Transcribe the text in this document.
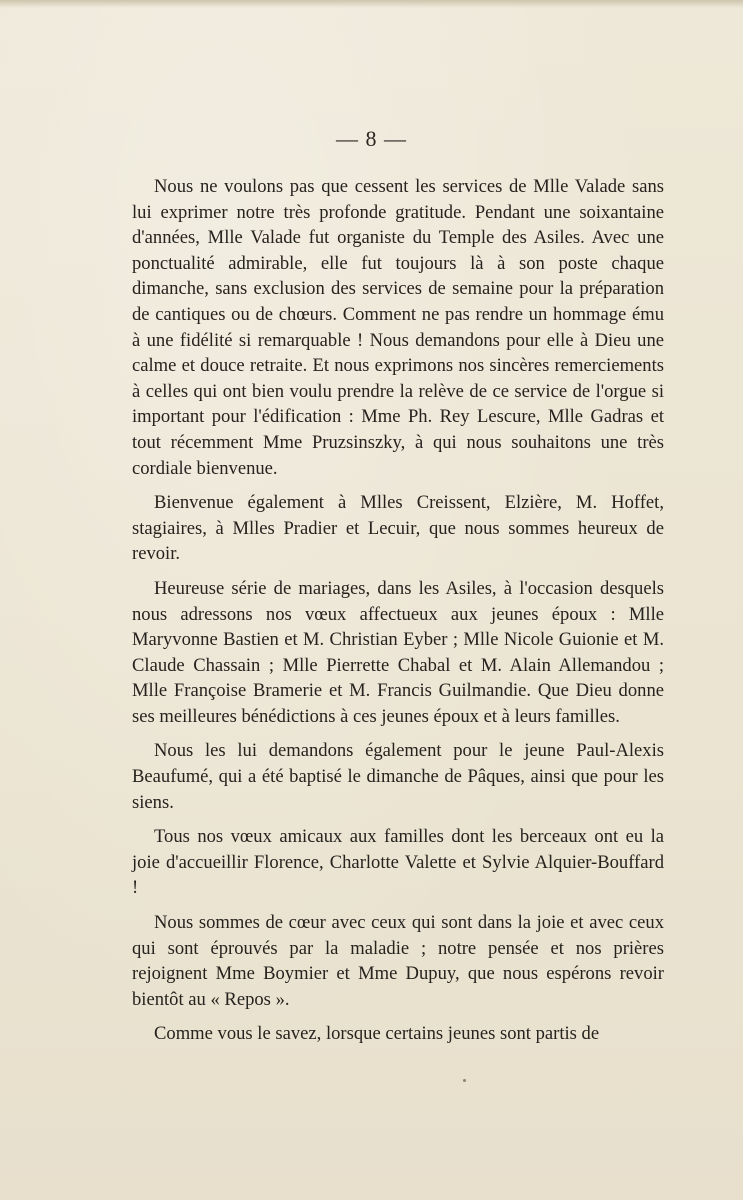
— 8 —

Nous ne voulons pas que cessent les services de Mlle Valade sans lui exprimer notre très profonde gratitude. Pendant une soixantaine d'années, Mlle Valade fut organiste du Temple des Asiles. Avec une ponctualité admirable, elle fut toujours là à son poste chaque dimanche, sans exclusion des services de semaine pour la préparation de cantiques ou de chœurs. Comment ne pas rendre un hommage ému à une fidélité si remarquable ! Nous demandons pour elle à Dieu une calme et douce retraite. Et nous exprimons nos sincères remerciements à celles qui ont bien voulu prendre la relève de ce service de l'orgue si important pour l'édification : Mme Ph. Rey Lescure, Mlle Gadras et tout récemment Mme Pruzsinszky, à qui nous souhaitons une très cordiale bienvenue.

Bienvenue également à Mlles Creissent, Elzière, M. Hoffet, stagiaires, à Mlles Pradier et Lecuir, que nous sommes heureux de revoir.

Heureuse série de mariages, dans les Asiles, à l'occasion desquels nous adressons nos vœux affectueux aux jeunes époux : Mlle Maryvonne Bastien et M. Christian Eyber ; Mlle Nicole Guionie et M. Claude Chassain ; Mlle Pierrette Chabal et M. Alain Allemandou ; Mlle Françoise Bramerie et M. Francis Guilmandie. Que Dieu donne ses meilleures bénédictions à ces jeunes époux et à leurs familles.

Nous les lui demandons également pour le jeune Paul-Alexis Beaufumé, qui a été baptisé le dimanche de Pâques, ainsi que pour les siens.

Tous nos vœux amicaux aux familles dont les berceaux ont eu la joie d'accueillir Florence, Charlotte Valette et Sylvie Alquier-Bouffard !

Nous sommes de cœur avec ceux qui sont dans la joie et avec ceux qui sont éprouvés par la maladie ; notre pensée et nos prières rejoignent Mme Boymier et Mme Dupuy, que nous espérons revoir bientôt au « Repos ».

Comme vous le savez, lorsque certains jeunes sont partis de
